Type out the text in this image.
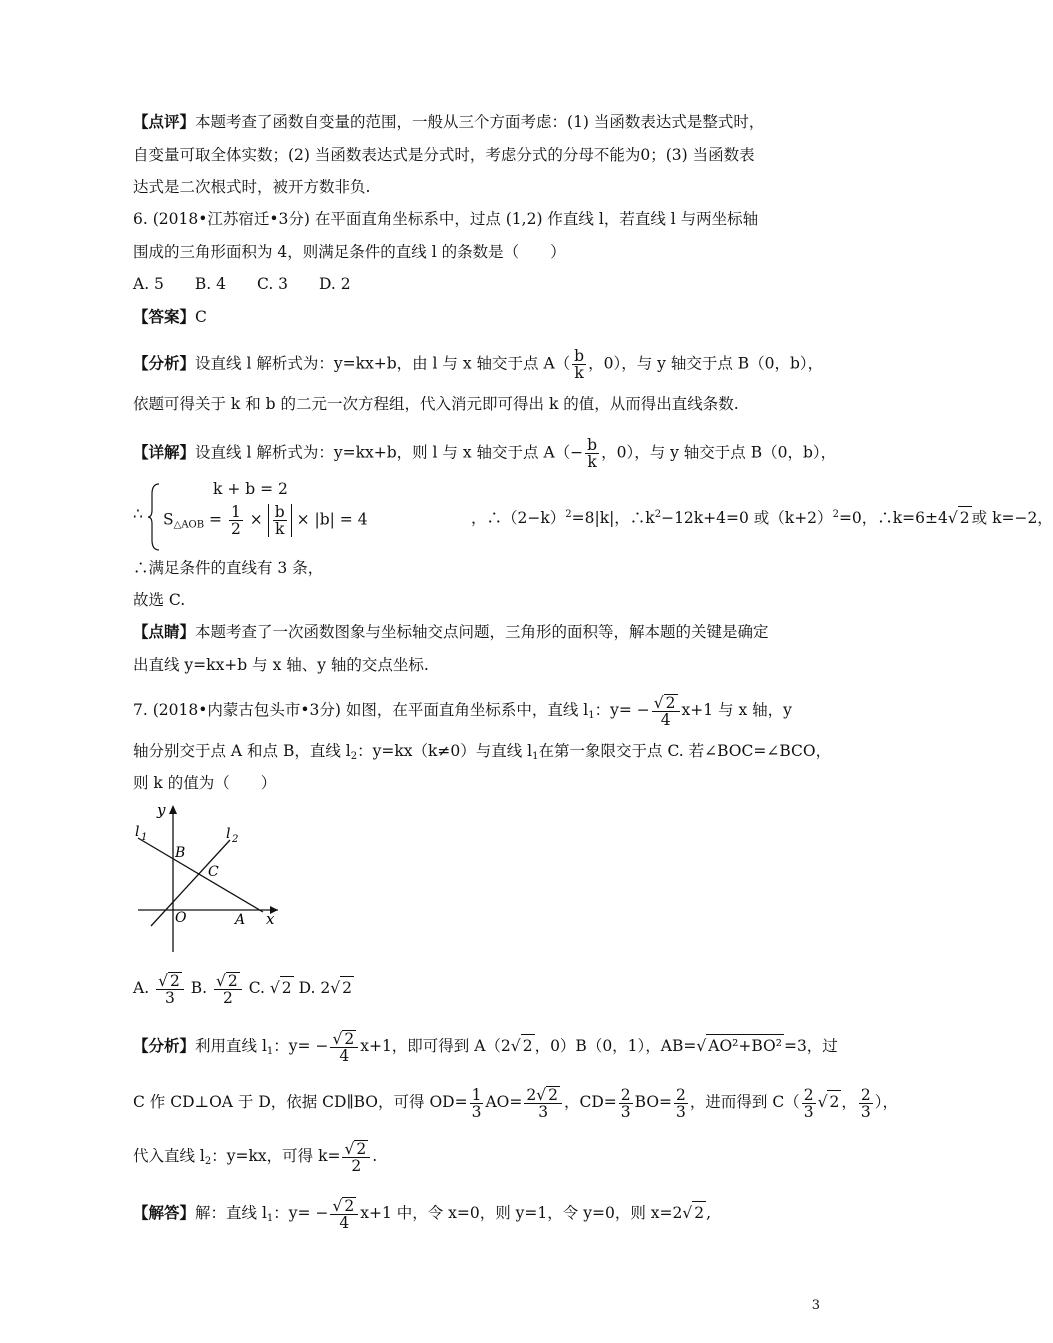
【点评】本题考查了函数自变量的范围，一般从三个方面考虑：(1) 当函数表达式是整式时，
自变量可取全体实数；(2) 当函数表达式是分式时，考虑分式的分母不能为0；(3) 当函数表
达式是二次根式时，被开方数非负.
6. (2018•江苏宿迁•3分) 在平面直角坐标系中，过点 (1,2) 作直线 l，若直线 l 与两坐标轴
围成的三角形面积为 4，则满足条件的直线 l 的条数是（　　）
A. 5　　B. 4　　C. 3　　D. 2
【答案】C
【分析】设直线 l 解析式为：y=kx+b，由 l 与 x 轴交于点 $A( \frac{b}{k}$ ，0），与 y 轴交于点 B（0，b），
依题可得关于 k 和 b 的二元一次方程组，代入消元即可得出 k 的值，从而得出直线条数.
【详解】设直线 l 解析式为：y=kx+b，则 l 与 x 轴交于点 $A(- \frac{b}{k}$ ，0），与 y 轴交于点 B（0，b），
∴
k + b = 2
$S_{\triangle AOB} = \frac{1}{2} \times \frac{b}{k} \times |b| = 4$	，$\therefore(2-k)^2=8|k|$，$\therefore k^2-12k+4=0$ 或$(k+2)^2=0$，∴k=6±4√ 2 或 k=−2，
∴满足条件的直线有 3 条，
故选 C.
【点睛】本题考查了一次函数图象与坐标轴交点问题，三角形的面积等，解本题的关键是确定
出直线 y=kx+b 与 x 轴、y 轴的交点坐标.
7. (2018•内蒙古包头市•3分) 如图，在平面直角坐标系中，直线 $l_1$：$y= - \frac{√ 2}{4} x+1$ 与 x 轴，y
轴分别交于点 A 和点 B，直线 $l_2$：y=kx（k≠0）与直线 $l_1$在第一象限交于点 C. 若∠BOC=∠BCO，
则 k 的值为（　　）
y
x
l 1	l 2
B
C
O	A
A. $\frac{√ 2}{3} B$. $\frac{√ 2}{2} C$. √ 2 D. 2√ 2
【分析】利用直线 $l_1$：$y= - \frac{√ 2}{4} x+1$，即可得到 A（2√ 2 ，0）B（0，1），AB=√ AO²+BO² =3，过
C 作 CD⊥OA 于 D，依据 CD∥BO，可得 $OD= \frac{1}{3} AO= \frac{2√ 2}{3}$ ，$CD= \frac{2}{3} BO= \frac{2}{3}$ ，进而得到 $C( \frac{2}{3}$ √ 2 ， $\frac{2}{3}$ ），
代入直线 $l_2$：y=kx，可得 $k= \frac{√ 2}{2}$ .
【解答】解：直线 $l_1$：$y= - \frac{√ 2}{4} x+1$ 中，令 x=0，则 y=1，令 y=0，则 x=2√ 2 ,
3
